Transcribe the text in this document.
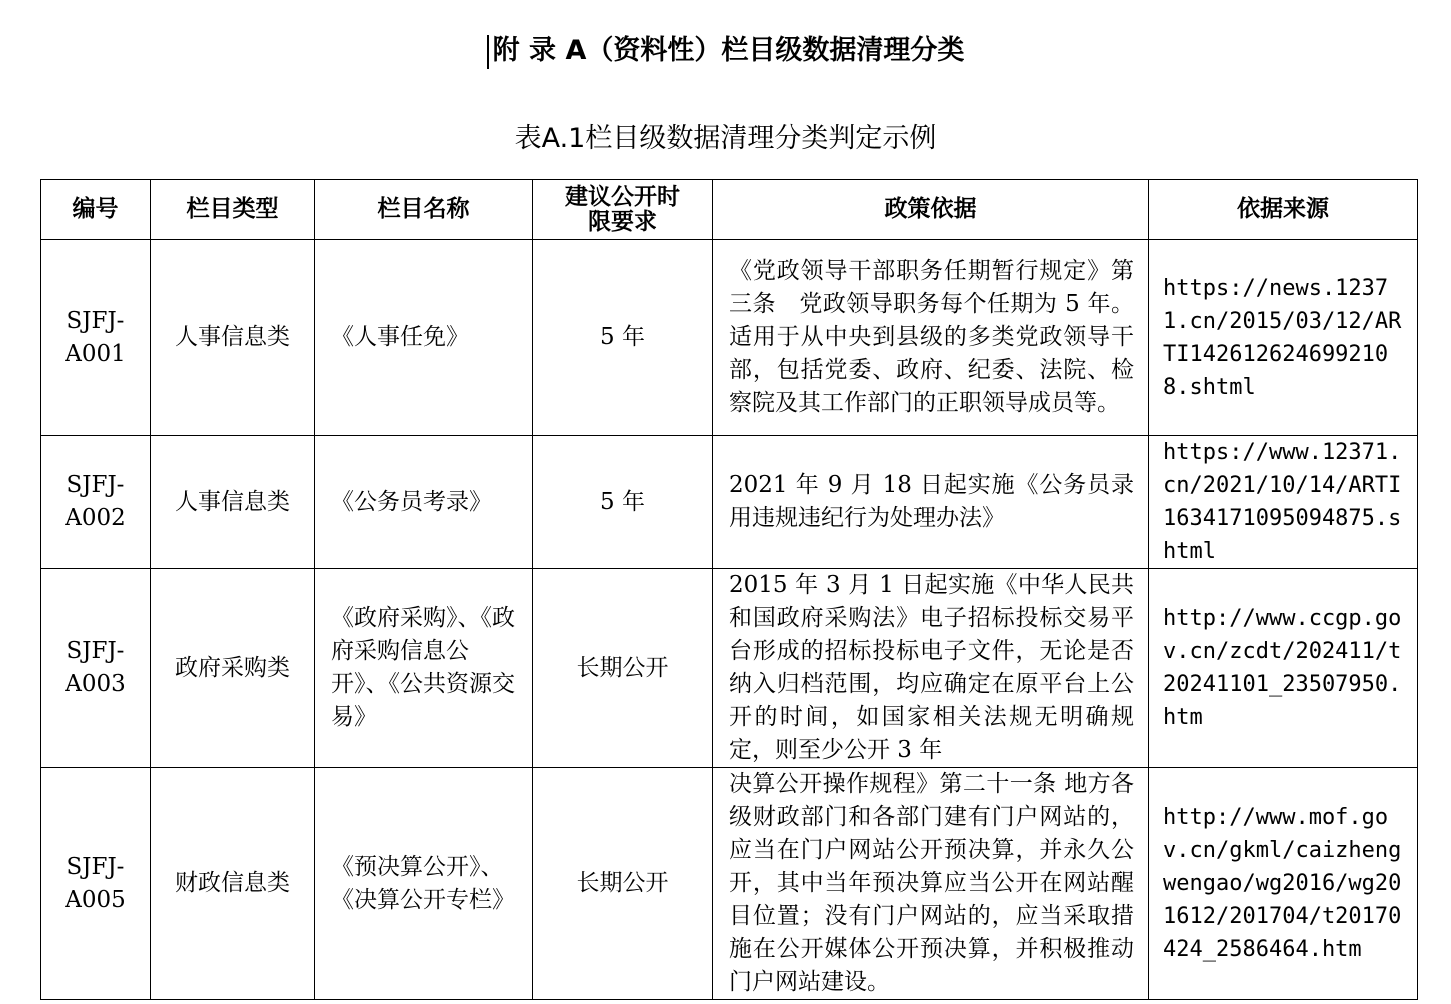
附 录 A（资料性）栏目级数据清理分类
表A.1栏目级数据清理分类判定示例
编号	栏目类型	栏目名称	建议公开时限要求	政策依据	依据来源

SJFJ-A001	人事信息类	《人事任免》	5 年	《党政领导干部职务任期暂行规定》第三条　党政领导职务每个任期为 5 年。适用于从中央到县级的多类党政领导干部，包括党委、政府、纪委、法院、检察院及其工作部门的正职领导成员等。	https://news.12371.cn/2015/03/12/ARTI1426126246992108.shtml

SJFJ-A002	人事信息类	《公务员考录》	5 年	2021 年 9 月 18 日起实施《公务员录用违规违纪行为处理办法》	https://www.12371.cn/2021/10/14/ARTI1634171095094875.shtml

SJFJ-A003	政府采购类	《政府采购》、《政府采购信息公开》、《公共资源交易》	长期公开	2015 年 3 月 1 日起实施《中华人民共和国政府采购法》电子招标投标交易平台形成的招标投标电子文件，无论是否纳入归档范围，均应确定在原平台上公开的时间，如国家相关法规无明确规定，则至少公开 3 年	http://www.ccgp.gov.cn/zcdt/202411/t20241101_23507950.htm

SJFJ-A005	财政信息类	《预决算公开》、《决算公开专栏》	长期公开	决算公开操作规程》第二十一条 地方各级财政部门和各部门建有门户网站的，应当在门户网站公开预决算，并永久公开，其中当年预决算应当公开在网站醒目位置；没有门户网站的，应当采取措施在公开媒体公开预决算，并积极推动门户网站建设。	http://www.mof.gov.cn/gkml/caizhengwengao/wg2016/wg201612/201704/t20170424_2586464.htm
